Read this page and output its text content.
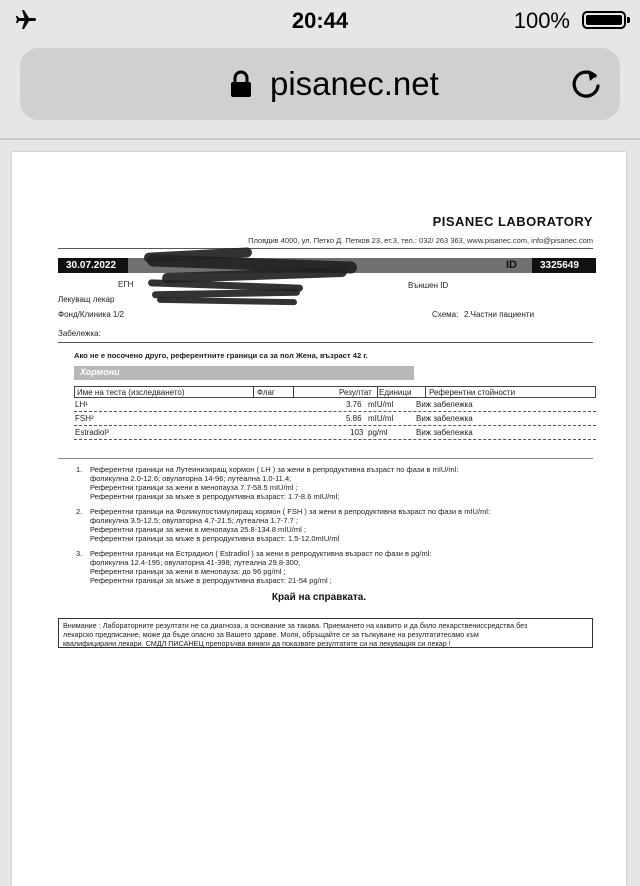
20:44	100%
pisanec.net
PISANEC LABORATORY
Пловдив 4000, ул. Петко Д. Петков 23, ет.3, тел.: 032/ 263 363, www.pisanec.com, info@pisanec.com
30.07.2022	ID 3325649
ЕГН	Външен ID
Лекуващ лекар
Фонд/Клиника 1/2	Схема: 2.Частни пациенти
Забележка:
Ако не е посочено друго, референтните граници са за пол Жена, възраст 42 г.
Хормони
Име на теста (изследването)	Флаг	Резултат Единици Референтни стойности
LH¹	3.76 mIU/ml	Виж забележка
FSH²	5.86 mIU/ml	Виж забележка
Estradiol³	103 pg/ml	Виж забележка
1. Референтни граници на Лутеинизиращ хормон ( LH ) за жени в репродуктивна възраст по фази в mIU/ml:
фоликулна 2.0-12.6; овулаторна 14-96; лутеална 1.0-11.4;
Референтни граници за жени в менопауза 7.7-58.5 mIU/ml ;
Референтни граници за мъже в репродуктивна възраст: 1.7-8.6 mIU/ml;
2. Референтни граници на Фоликулостимулиращ хормон ( FSH ) за жени в репродуктивна възраст по фази в mIU/ml:
фоликулна 3.5-12.5; овулаторна 4.7-21.5; лутеална 1.7-7.7 ;
Референтни граници за жени в менопауза 25.8-134.8 mIU/ml ;
Референтни граници за мъже в репродуктивна възраст: 1.5-12.0mIU/ml
3. Референтни граници на Естрадиол ( Estradiol ) за жени в репродуктивна възраст по фази в pg/ml:
фоликулна 12.4-195; овулаторна 41-398; лутеална 29.8-300;
Референтни граници за жени в менопауза: до 96 pg/ml ;
Референтни граници за мъже в репродуктивна възраст: 21-54 pg/ml ;
Край на справката.
Внимание : Лабораторните резултати не са диагноза, а основание за такава. Приемането на каквито и да било лекарствениссредства без
лекарско предписание, може да бъде опасно за Вашето здраве. Моля, обръщайте се за тълкуване на резултатитесамо към
квалифицирани лекари. СМДЛ ПИСАНЕЦ препоръчва винаги да показвате резултатите си на лекуващия си лекар !
